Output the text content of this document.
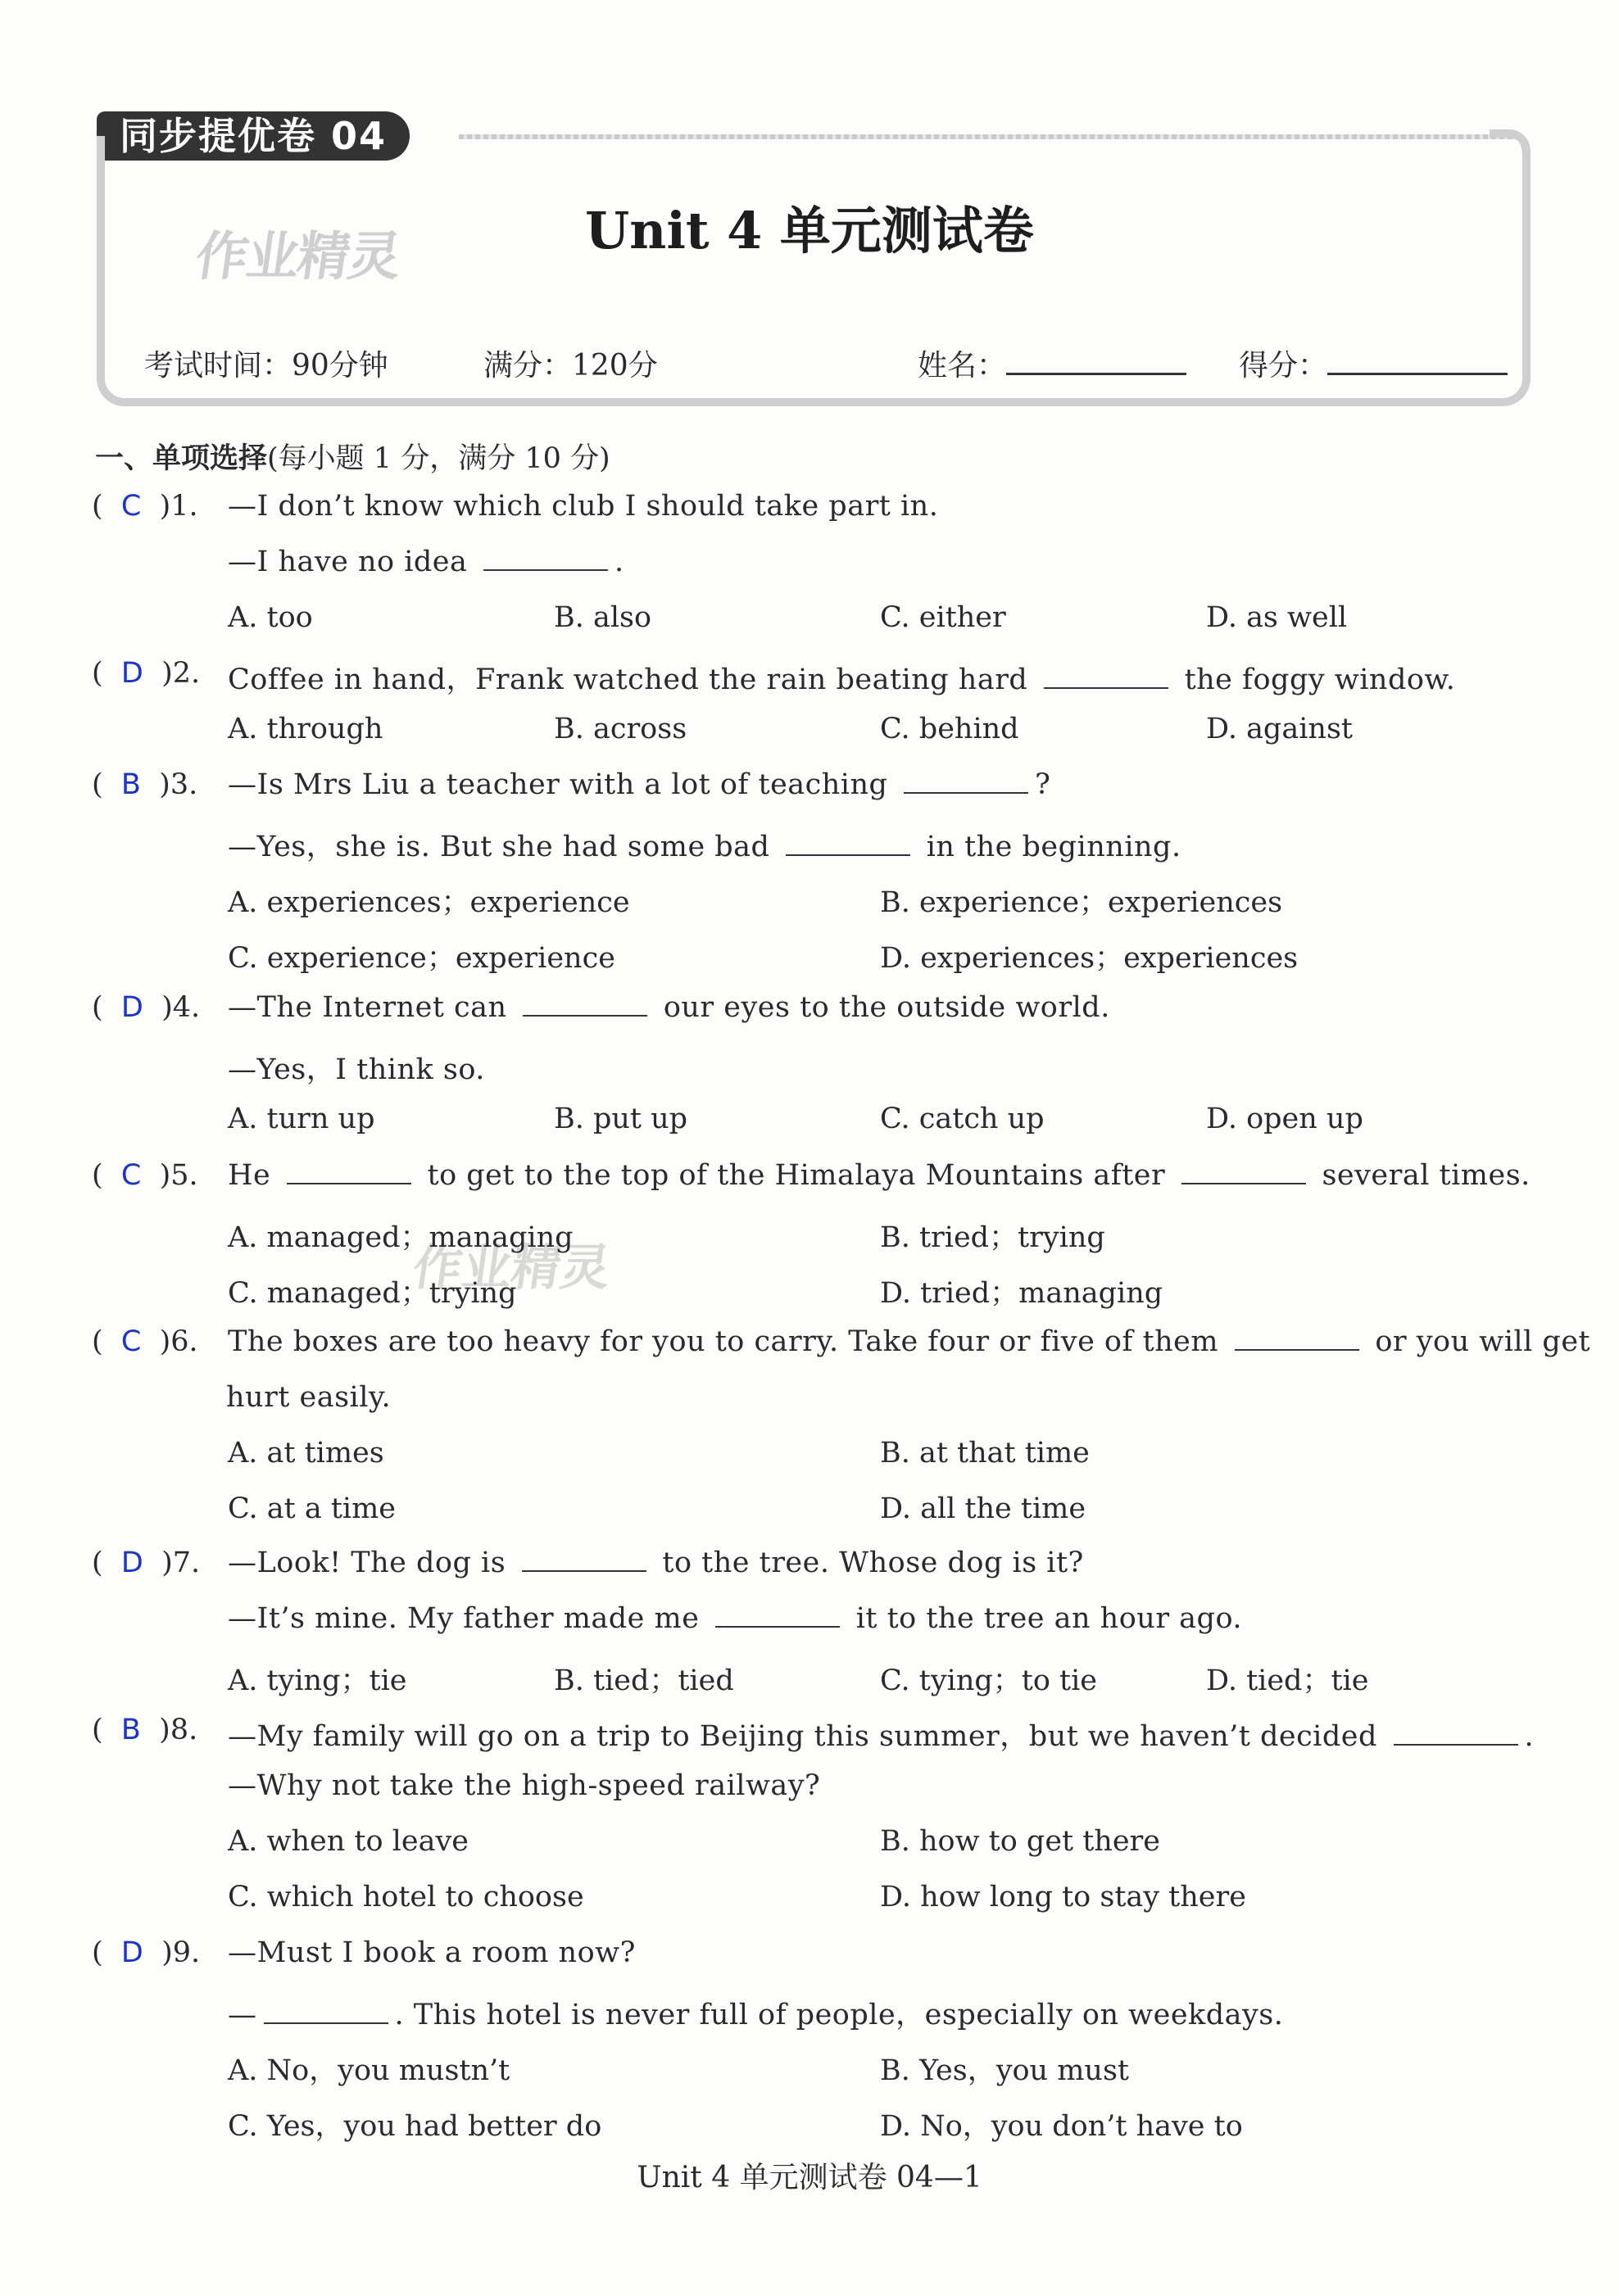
同步提优卷 04
作业精灵
作业精灵
Unit 4 单元测试卷
考试时间：90分钟	满分：120分	姓名：	得分：
一、单项选择(每小题 1 分，满分 10 分)
(  C  )1. —I don’t know which club I should take part in.
—I have no idea	.
A. too	B. also	C. either	D. as well
(  D  )2. Coffee in hand，Frank watched the rain beating hard	the foggy window.
A. through	B. across	C. behind	D. against
(  B  )3. —Is Mrs Liu a teacher with a lot of teaching	?
—Yes，she is. But she had some bad	in the beginning.
A. experiences；experience	B. experience；experiences
C. experience；experience	D. experiences；experiences
(  D  )4. —The Internet can	our eyes to the outside world.
—Yes，I think so.
A. turn up	B. put up	C. catch up	D. open up
(  C  )5. He	to get to the top of the Himalaya Mountains after	several times.
A. managed；managing	B. tried；trying
C. managed；trying	D. tried；managing
(  C  )6. The boxes are too heavy for you to carry. Take four or five of them	or you will get
hurt easily.
A. at times	B. at that time
C. at a time	D. all the time
(  D  )7. —Look! The dog is	to the tree. Whose dog is it?
—It’s mine. My father made me	it to the tree an hour ago.
A. tying；tie	B. tied；tied	C. tying；to tie	D. tied；tie
(  B  )8. —My family will go on a trip to Beijing this summer，but we haven’t decided	.
—Why not take the high-speed railway?
A. when to leave	B. how to get there
C. which hotel to choose	D. how long to stay there
(  D  )9. —Must I book a room now?
—	. This hotel is never full of people，especially on weekdays.
A. No，you mustn’t	B. Yes，you must
C. Yes，you had better do	D. No，you don’t have to
Unit 4 单元测试卷 04—1
